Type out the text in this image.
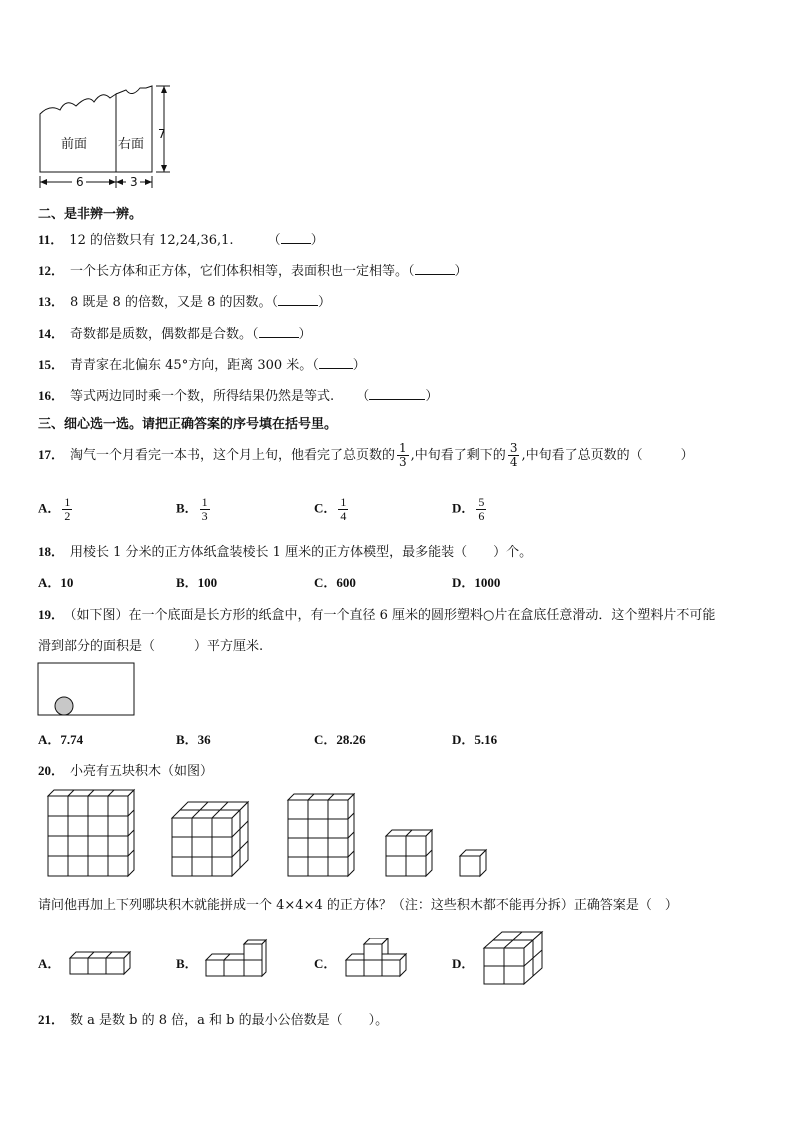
前面 右面
7
6	3
二、是非辨一辨。
11． 12 的倍数只有 12,24,36,1.	（ ）
12． 一个长方体和正方体，它们体积相等，表面积也一定相等。（	）
13． 8 既是 8 的倍数，又是 8 的因数。（	）
14． 奇数都是质数，偶数都是合数。（	）
15． 青青家在北偏东 45°方向，距离 300 米。（	）
16． 等式两边同时乘一个数，所得结果仍然是等式. （	）
三、细心选一选。请把正确答案的序号填在括号里。
17． 淘气一个月看完一本书，这个月上旬，他看完了总页数的 $\frac{1}{3}$ ,中旬看了剩下的 $\frac{3}{4}$ ,中旬看了总页数的（	）
A． $\frac{1}{2}$	B． $\frac{1}{3}$	C． $\frac{1}{4}$	D． $\frac{5}{6}$
18． 用棱长 1 分米的正方体纸盒装棱长 1 厘米的正方体模型，最多能装（　　）个。
A．10	B．100	C．600	D．1000
19． （如下图）在一个底面是长方形的纸盒中，有一个直径 6 厘米的圆形塑料○片在盒底任意滑动．这个塑料片不可能
滑到部分的面积是（　　　）平方厘米.
A．7.74	B．36	C．28.26	D．5.16
20． 小亮有五块积木（如图）
请问他再加上下列哪块积木就能拼成一个 4×4×4 的正方体？（注：这些积木都不能再分拆）正确答案是（　）
A．	B．	C．	D．
21． 数 a 是数 b 的 8 倍，a 和 b 的最小公倍数是（　　）。
